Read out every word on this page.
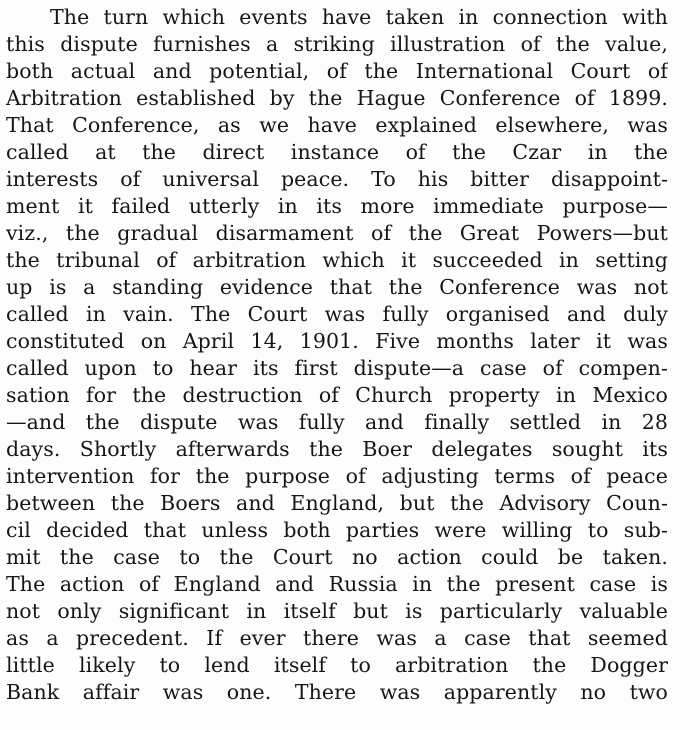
The turn which events have taken in connection with
this dispute furnishes a striking illustration of the value,
both actual and potential, of the International Court of
Arbitration established by the Hague Conference of 1899.
That Conference, as we have explained elsewhere, was
called at the direct instance of the Czar in the
interests of universal peace. To his bitter disappoint-
ment it failed utterly in its more immediate purpose—
viz., the gradual disarmament of the Great Powers—but
the tribunal of arbitration which it succeeded in setting
up is a standing evidence that the Conference was not
called in vain. The Court was fully organised and duly
constituted on April 14, 1901. Five months later it was
called upon to hear its first dispute—a case of compen-
sation for the destruction of Church property in Mexico
—and the dispute was fully and finally settled in 28
days. Shortly afterwards the Boer delegates sought its
intervention for the purpose of adjusting terms of peace
between the Boers and England, but the Advisory Coun-
cil decided that unless both parties were willing to sub-
mit the case to the Court no action could be taken.
The action of England and Russia in the present case is
not only significant in itself but is particularly valuable
as a precedent. If ever there was a case that seemed
little likely to lend itself to arbitration the Dogger
Bank affair was one. There was apparently no two
